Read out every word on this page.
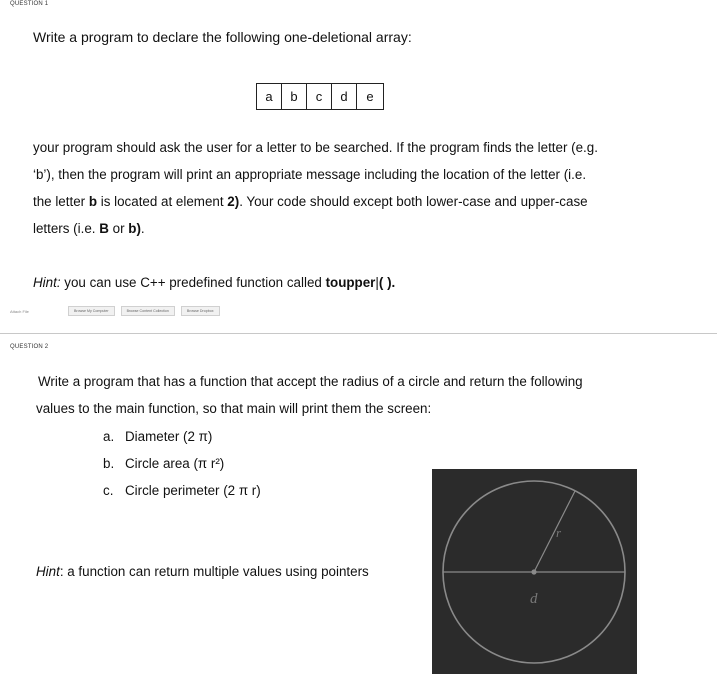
QUESTION 1
Write a program to declare the following one-deletional array:
a	b	c	d	e
your program should ask the user for a letter to be searched. If the program finds the letter (e.g.
‘b’), then the program will print an appropriate message including the location of the letter (i.e.
the letter b is located at element 2). Your code should except both lower-case and upper-case
letters (i.e. B or b).
Hint: you can use C++ predefined function called toupper|( ).
Attach File	Browse My Computer	Browse Content Collection	Browse Dropbox
QUESTION 2
Write a program that has a function that accept the radius of a circle and return the following
values to the main function, so that main will print them the screen:
a. Diameter (2 π)
b. Circle area (π r²)
c. Circle perimeter (2 π r)
Hint: a function can return multiple values using pointers
r
d
